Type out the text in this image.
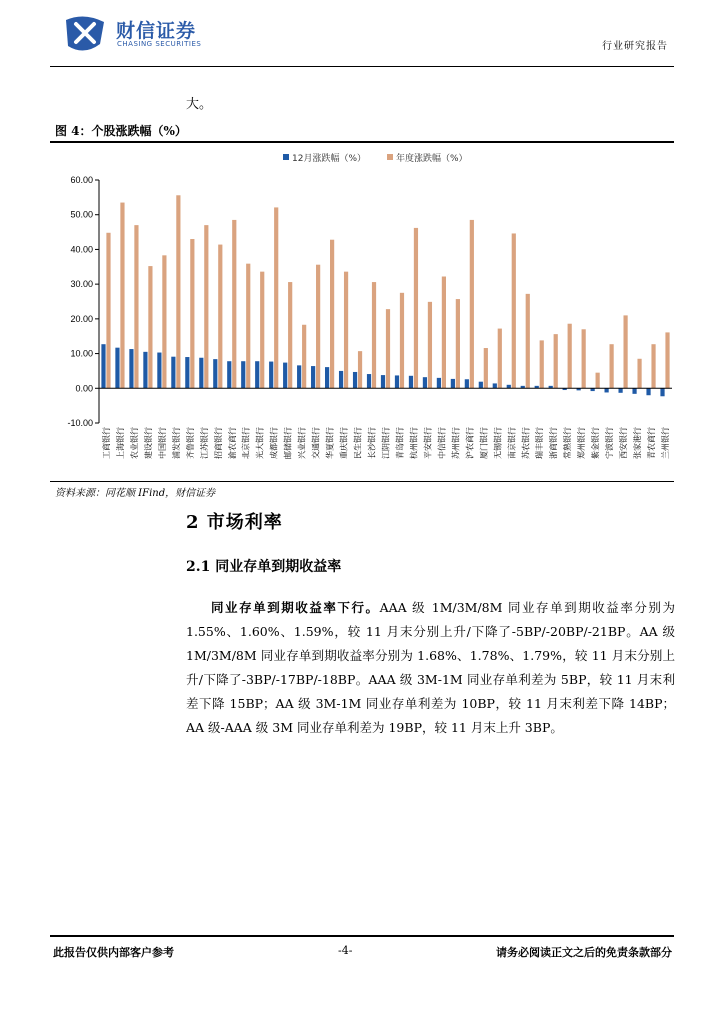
财信证券
CHASING SECURITIES	行业研究报告
大。
图 4：个股涨跌幅（%）
12月涨跌幅（%）	年度涨跌幅（%）
-10.00
0.00
10.00
20.00
30.00
40.00
50.00
60.00
工商银行 上海银行 农业银行 建设银行 中国银行 浦发银行 齐鲁银行 江苏银行 招商银行 渝农商行 北京银行 光大银行 成都银行 邮储银行 兴业银行 交通银行 华夏银行 重庆银行 民生银行 长沙银行 江阴银行 青岛银行 杭州银行 平安银行 中信银行 苏州银行 沪农商行 厦门银行 无锡银行 南京银行 苏农银行 瑞丰银行 浙商银行 常熟银行 郑州银行 紫金银行 宁波银行 西安银行 张家港行 青农商行 兰州银行
资料来源：同花顺 IFind，财信证券
2 市场利率
2.1 同业存单到期收益率
同业存单到期收益率下行。AAA 级 1M/3M/8M 同业存单到期收益率分别为 1.55%、1.60%、1.59%，较 11 月末分别上升/下降了-5BP/-20BP/-21BP。AA 级 1M/3M/8M 同业存单到期收益率分别为 1.68%、1.78%、1.79%，较 11 月末分别上升/下降了-3BP/-17BP/-18BP。AAA 级 3M-1M 同业存单利差为 5BP，较 11 月末利差下降 15BP；AA 级 3M-1M 同业存单利差为 10BP，较 11 月末利差下降 14BP；AA 级-AAA 级 3M 同业存单利差为 19BP，较 11 月末上升 3BP。
此报告仅供内部客户参考	-4-	请务必阅读正文之后的免责条款部分
